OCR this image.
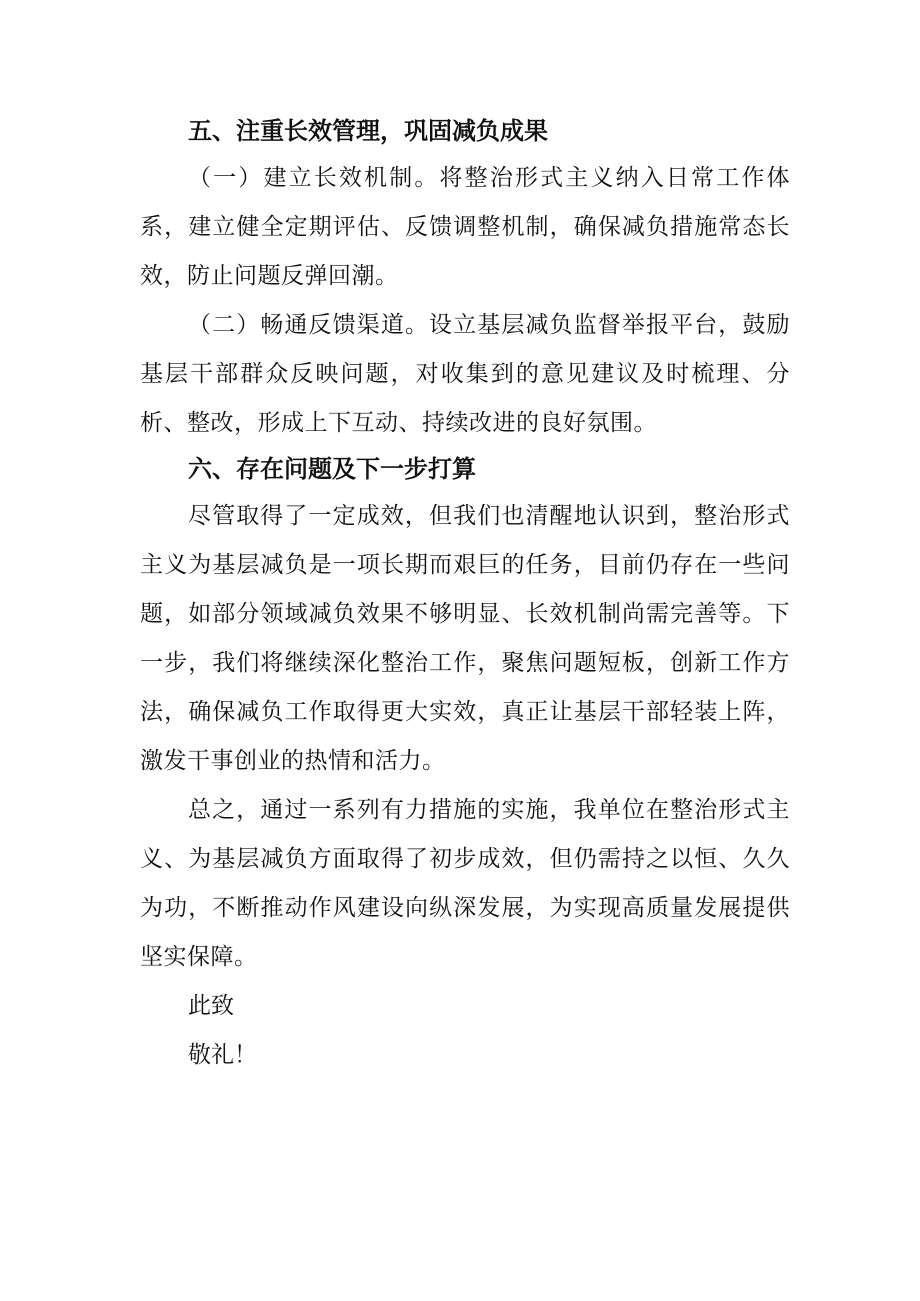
五、注重长效管理，巩固减负成果

（一）建立长效机制。将整治形式主义纳入日常工作体系，建立健全定期评估、反馈调整机制，确保减负措施常态长效，防止问题反弹回潮。

（二）畅通反馈渠道。设立基层减负监督举报平台，鼓励基层干部群众反映问题，对收集到的意见建议及时梳理、分析、整改，形成上下互动、持续改进的良好氛围。

六、存在问题及下一步打算

尽管取得了一定成效，但我们也清醒地认识到，整治形式主义为基层减负是一项长期而艰巨的任务，目前仍存在一些问题，如部分领域减负效果不够明显、长效机制尚需完善等。下一步，我们将继续深化整治工作，聚焦问题短板，创新工作方法，确保减负工作取得更大实效，真正让基层干部轻装上阵，激发干事创业的热情和活力。

总之，通过一系列有力措施的实施，我单位在整治形式主义、为基层减负方面取得了初步成效，但仍需持之以恒、久久为功，不断推动作风建设向纵深发展，为实现高质量发展提供坚实保障。

此致

敬礼！
